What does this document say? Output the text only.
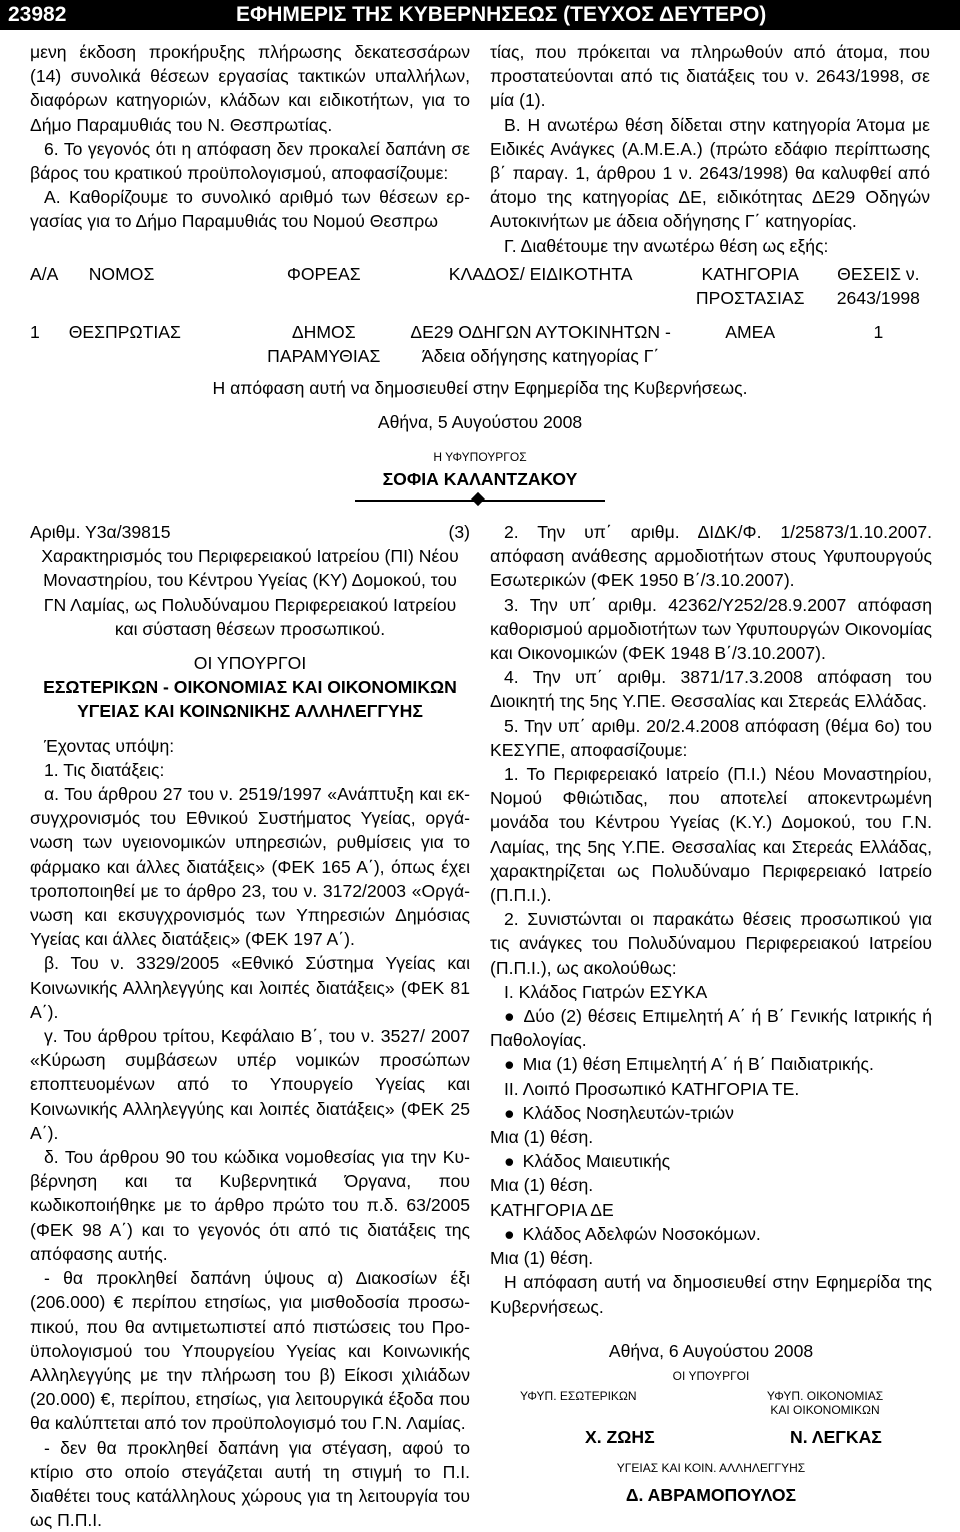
23982	ΕΦΗΜΕΡΙΣ ΤΗΣ ΚΥΒΕΡΝΗΣΕΩΣ (ΤΕΥΧΟΣ ΔΕΥΤΕΡΟ)

μενη έκδοση προκήρυξης πλήρωσης δεκατεσσάρων (14) συνολικά θέσεων εργασίας τακτικών υπαλλήλων, διαφόρων κατηγοριών, κλάδων και ειδικοτήτων, για το Δήμο Παραμυθιάς του Ν. Θεσπρωτίας.

6. Το γεγονός ότι η απόφαση δεν προκαλεί δαπάνη σε βάρος του κρατικού προϋπολογισμού, αποφασίζουμε:

Α. Καθορίζουμε το συνολικό αριθμό των θέσεων εργασίας για το Δήμο Παραμυθιάς του Νομού Θεσπρω

τίας, που πρόκειται να πληρωθούν από άτομα, που προστατεύονται από τις διατάξεις του ν. 2643/1998, σε μία (1).

Β. Η ανωτέρω θέση δίδεται στην κατηγορία Άτομα με Ειδικές Ανάγκες (Α.Μ.Ε.Α.) (πρώτο εδάφιο περίπτωσης β΄ παραγ. 1, άρθρου 1 ν. 2643/1998) θα καλυφθεί από άτομο της κατηγορίας ΔΕ, ειδικότητας ΔΕ29 Οδηγών Αυτοκινήτων με άδεια οδήγησης Γ΄ κατηγορίας.

Γ. Διαθέτουμε την ανωτέρω θέση ως εξής:

Α/Α	ΝΟΜΟΣ	ΦΟΡΕΑΣ	ΚΛΑΔΟΣ/ ΕΙΔΙΚΟΤΗΤΑ	ΚΑΤΗΓΟΡΙΑ ΠΡΟΣΤΑΣΙΑΣ	ΘΕΣΕΙΣ ν. 2643/1998

1	ΘΕΣΠΡΩΤΙΑΣ	ΔΗΜΟΣ ΠΑΡΑΜΥΘΙΑΣ	ΔΕ29 ΟΔΗΓΩΝ ΑΥΤΟΚΙΝΗΤΩΝ - Άδεια οδήγησης κατηγορίας Γ΄	ΑΜΕΑ	1
Η απόφαση αυτή να δημοσιευθεί στην Εφημερίδα της Κυβερνήσεως.
Αθήνα, 5 Αυγούστου 2008
Η ΥΦΥΠΟΥΡΓΟΣ
ΣΟΦΙΑ ΚΑΛΑΝΤΖΑΚΟΥ
Αριθμ. Υ3α/39815	(3)

Χαρακτηρισμός του Περιφερειακού Ιατρείου (ΠΙ) Νέου Μοναστηρίου, του Κέντρου Υγείας (ΚΥ) Δομοκού, του ΓΝ Λαμίας, ως Πολυδύναμου Περιφερειακού Ιατρείου και σύσταση θέσεων προσωπικού.

ΟΙ ΥΠΟΥΡΓΟΙ

ΕΣΩΤΕΡΙΚΩΝ - ΟΙΚΟΝΟΜΙΑΣ ΚΑΙ ΟΙΚΟΝΟΜΙΚΩΝ

ΥΓΕΙΑΣ ΚΑΙ ΚΟΙΝΩΝΙΚΗΣ ΑΛΛΗΛΕΓΓΥΗΣ

Έχοντας υπόψη:

1. Τις διατάξεις:

α. Του άρθρου 27 του ν. 2519/1997 «Ανάπτυξη και εκσυγχρονισμός του Εθνικού Συστήματος Υγείας, οργάνωση των υγειονομικών υπηρεσιών, ρυθμίσεις για το φάρμακο και άλλες διατάξεις» (ΦΕΚ 165 Α΄), όπως έχει τροποποιηθεί με το άρθρο 23, του ν. 3172/2003 «Οργάνωση και εκσυγχρονισμός των Υπηρεσιών Δημόσιας Υγείας και άλλες διατάξεις» (ΦΕΚ 197 Α΄).

β. Του ν. 3329/2005 «Εθνικό Σύστημα Υγείας και Κοινωνικής Αλληλεγγύης και λοιπές διατάξεις» (ΦΕΚ 81 Α΄).

γ. Του άρθρου τρίτου, Κεφάλαιο Β΄, του ν. 3527/ 2007 «Κύρωση συμβάσεων υπέρ νομικών προσώπων εποπτευομένων από το Υπουργείο Υγείας και Κοινωνικής Αλληλεγγύης και λοιπές διατάξεις» (ΦΕΚ 25 Α΄).

δ. Του άρθρου 90 του κώδικα νομοθεσίας για την Κυβέρνηση και τα Κυβερνητικά Όργανα, που κωδικοποιήθηκε με το άρθρο πρώτο του π.δ. 63/2005 (ΦΕΚ 98 Α΄) και το γεγονός ότι από τις διατάξεις της απόφασης αυτής.

- θα προκληθεί δαπάνη ύψους α) Διακοσίων έξι (206.000) € περίπου ετησίως, για μισθοδοσία προσωπικού, που θα αντιμετωπιστεί από πιστώσεις του Προϋπολογισμού του Υπουργείου Υγείας και Κοινωνικής Αλληλεγγύης με την πλήρωση του β) Είκοσι χιλιάδων (20.000) €, περίπου, ετησίως, για λειτουργικά έξοδα που θα καλύπτεται από τον προϋπολογισμό του Γ.Ν. Λαμίας.

- δεν θα προκληθεί δαπάνη για στέγαση, αφού το κτίριο στο οποίο στεγάζεται αυτή τη στιγμή το Π.Ι. διαθέτει τους κατάλληλους χώρους για τη λειτουργία του ως Π.Π.Ι.

2. Την υπ΄ αριθμ. ΔΙΔΚ/Φ. 1/25873/1.10.2007. απόφαση ανάθεσης αρμοδιοτήτων στους Υφυπουργούς Εσωτερικών (ΦΕΚ 1950 Β΄/3.10.2007).

3. Την υπ΄ αριθμ. 42362/Υ252/28.9.2007 απόφαση καθορισμού αρμοδιοτήτων των Υφυπουργών Οικονομίας και Οικονομικών (ΦΕΚ 1948 Β΄/3.10.2007).

4. Την υπ΄ αριθμ. 3871/17.3.2008 απόφαση του Διοικητή της 5ης Υ.ΠΕ. Θεσσαλίας και Στερεάς Ελλάδας.

5. Την υπ΄ αριθμ. 20/2.4.2008 απόφαση (θέμα 6ο) του ΚΕΣΥΠΕ, αποφασίζουμε:

1. Το Περιφερειακό Ιατρείο (Π.Ι.) Νέου Μοναστηρίου, Νομού Φθιώτιδας, που αποτελεί αποκεντρωμένη μονάδα του Κέντρου Υγείας (Κ.Υ.) Δομοκού, του Γ.Ν. Λαμίας, της 5ης Υ.ΠΕ. Θεσσαλίας και Στερεάς Ελλάδας, χαρακτηρίζεται ως Πολυδύναμο Περιφερειακό Ιατρείο (Π.Π.Ι.).

2. Συνιστώνται οι παρακάτω θέσεις προσωπικού για τις ανάγκες του Πολυδύναμου Περιφερειακού Ιατρείου (Π.Π.Ι.), ως ακολούθως:

Ι. Κλάδος Γιατρών ΕΣΥΚΑ

● Δύο (2) θέσεις Επιμελητή Α΄ ή Β΄ Γενικής Ιατρικής ή Παθολογίας.

● Μια (1) θέση Επιμελητή Α΄ ή Β΄ Παιδιατρικής.

ΙΙ. Λοιπό Προσωπικό ΚΑΤΗΓΟΡΙΑ ΤΕ.

● Κλάδος Νοσηλευτών-τριών

Μια (1) θέση.

● Κλάδος Μαιευτικής

Μια (1) θέση.

ΚΑΤΗΓΟΡΙΑ ΔΕ

● Κλάδος Αδελφών Νοσοκόμων.

Μια (1) θέση.

Η απόφαση αυτή να δημοσιευθεί στην Εφημερίδα της Κυβερνήσεως.

Αθήνα, 6 Αυγούστου 2008

ΟΙ ΥΠΟΥΡΓΟΙ

ΥΦΥΠ. ΕΣΩΤΕΡΙΚΩΝ	ΥΦΥΠ. ΟΙΚΟΝΟΜΙΑΣ
ΚΑΙ ΟΙΚΟΝΟΜΙΚΩΝ
Χ. ΖΩΗΣ	Ν. ΛΕΓΚΑΣ

ΥΓΕΙΑΣ ΚΑΙ ΚΟΙΝ. ΑΛΛΗΛΕΓΓΥΗΣ

Δ. ΑΒΡΑΜΟΠΟΥΛΟΣ
